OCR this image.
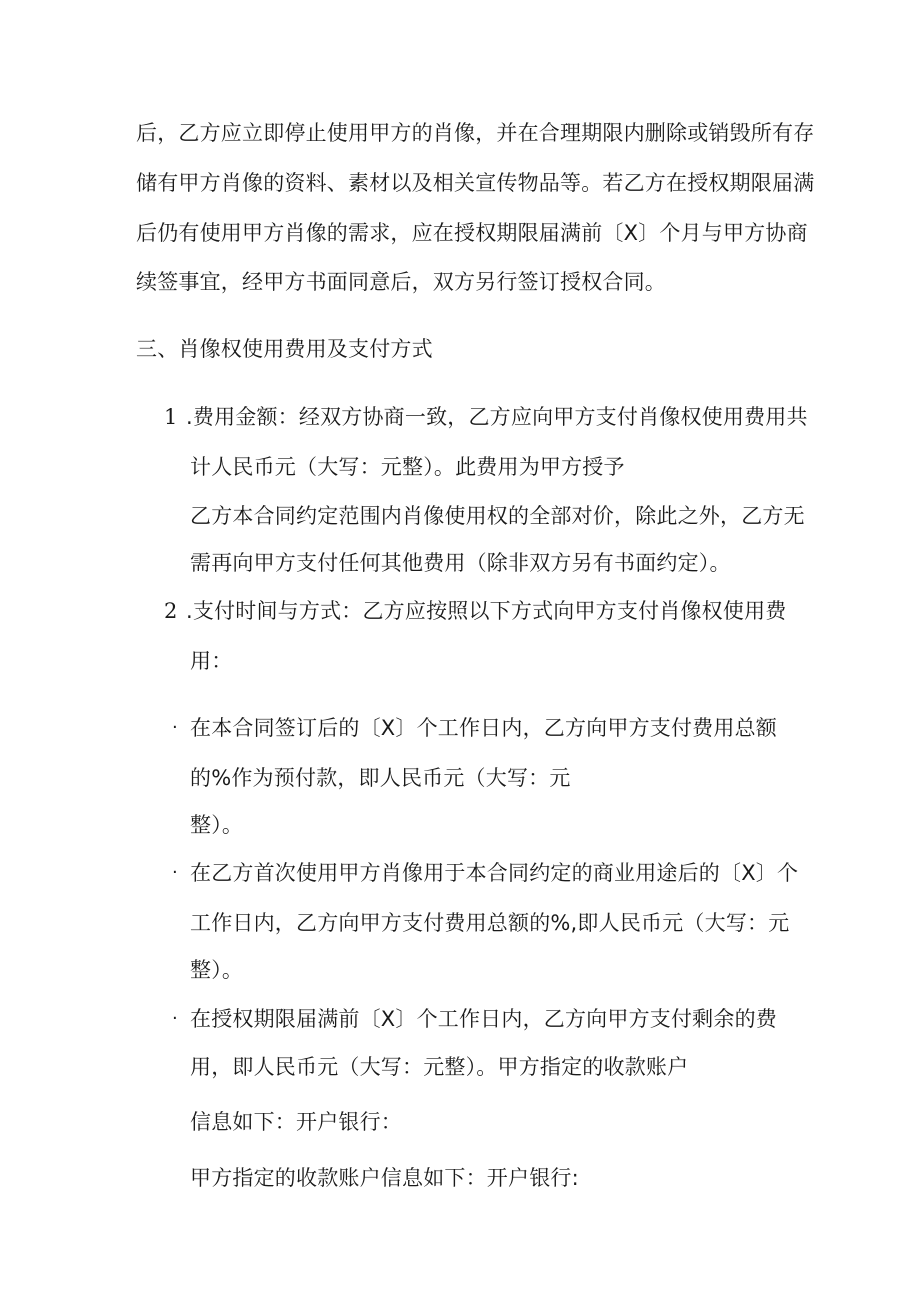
后，乙方应立即停止使用甲方的肖像，并在合理期限内删除或销毁所有存
储有甲方肖像的资料、素材以及相关宣传物品等。若乙方在授权期限届满
后仍有使用甲方肖像的需求，应在授权期限届满前〔X〕个月与甲方协商
续签事宜，经甲方书面同意后，双方另行签订授权合同。
三、肖像权使用费用及支付方式
1 .费用金额：经双方协商一致，乙方应向甲方支付肖像权使用费用共
计人民币元（大写：元整）。此费用为甲方授予
乙方本合同约定范围内肖像使用权的全部对价，除此之外，乙方无
需再向甲方支付任何其他费用（除非双方另有书面约定）。
2 .支付时间与方式：乙方应按照以下方式向甲方支付肖像权使用费
用：
· 在本合同签订后的〔X〕个工作日内，乙方向甲方支付费用总额
的%作为预付款，即人民币元（大写：元
整）。
· 在乙方首次使用甲方肖像用于本合同约定的商业用途后的〔X〕个
工作日内，乙方向甲方支付费用总额的%,即人民币元（大写：元
整）。
· 在授权期限届满前〔X〕个工作日内，乙方向甲方支付剩余的费
用，即人民币元（大写：元整）。甲方指定的收款账户
信息如下：开户银行：
甲方指定的收款账户信息如下：开户银行:
